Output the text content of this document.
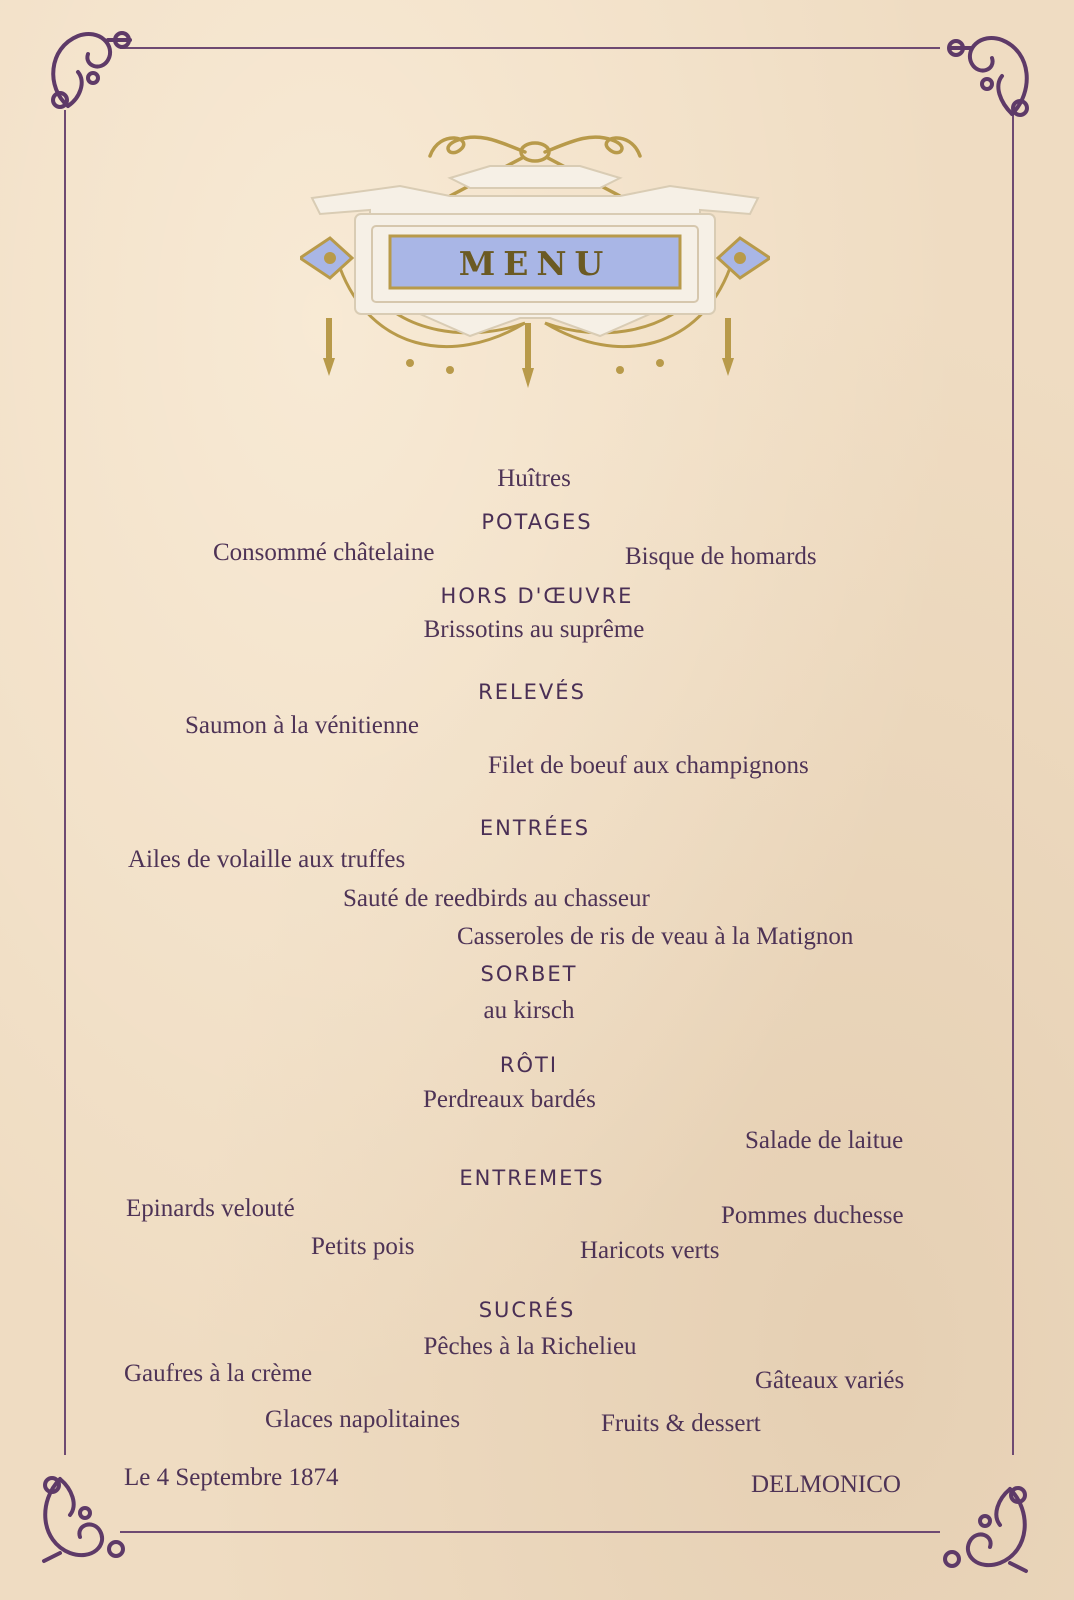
MENU
POTAGES
HORS D'ŒUVRE
RELEVÉS
ENTRÉES
SORBET
RÔTI
ENTREMETS
SUCRÉS
Huîtres
Consommé châtelaine	Bisque de homards
Brissotins au suprême
Saumon à la vénitienne
Filet de boeuf aux champignons
Ailes de volaille aux truffes
Sauté de reedbirds au chasseur
Casseroles de ris de veau à la Matignon
au kirsch
Perdreaux bardés
Salade de laitue
Epinards velouté	Pommes duchesse
Petits pois	Haricots verts
Pêches à la Richelieu
Gaufres à la crème	Gâteaux variés
Glaces napolitaines	Fruits & dessert
Le 4 Septembre 1874	DELMONICO
